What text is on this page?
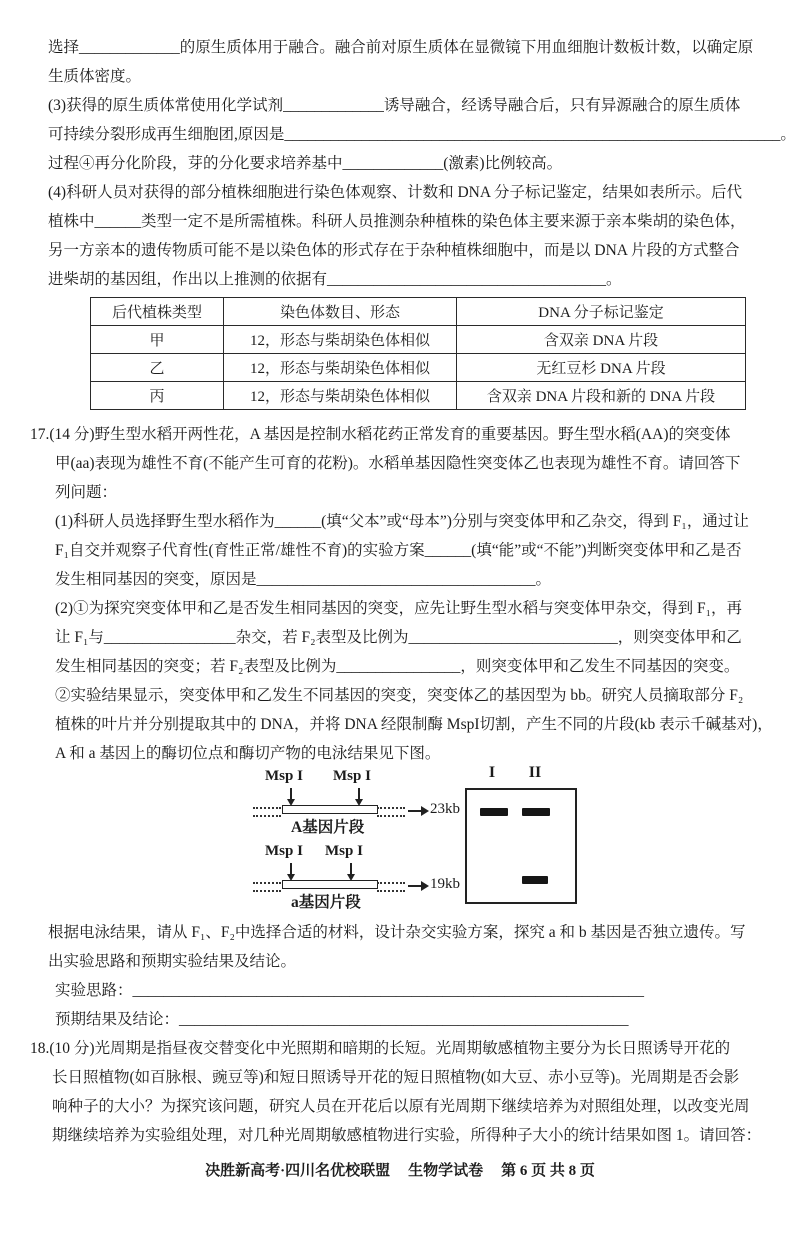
选择_____________的原生质体用于融合。融合前对原生质体在显微镜下用血细胞计数板计数，以确定原
生质体密度。
(3)获得的原生质体常使用化学试剂_____________诱导融合，经诱导融合后，只有异源融合的原生质体
可持续分裂形成再生细胞团,原因是________________________________________________________________。
过程④再分化阶段，芽的分化要求培养基中_____________(激素)比例较高。
(4)科研人员对获得的部分植株细胞进行染色体观察、计数和 DNA 分子标记鉴定，结果如表所示。后代
植株中______类型一定不是所需植株。科研人员推测杂种植株的染色体主要来源于亲本柴胡的染色体，
另一方亲本的遗传物质可能不是以染色体的形式存在于杂种植株细胞中，而是以 DNA 片段的方式整合
进柴胡的基因组，作出以上推测的依据有____________________________________。
后代植株类型	染色体数目、形态	DNA 分子标记鉴定
甲	12，形态与柴胡染色体相似	含双亲 DNA 片段
乙	12，形态与柴胡染色体相似	无红豆杉 DNA 片段
丙	12，形态与柴胡染色体相似	含双亲 DNA 片段和新的 DNA 片段
17.(14 分)野生型水稻开两性花，A 基因是控制水稻花药正常发育的重要基因。野生型水稻(AA)的突变体
甲(aa)表现为雄性不育(不能产生可育的花粉)。水稻单基因隐性突变体乙也表现为雄性不育。请回答下
列问题：
(1)科研人员选择野生型水稻作为______(填“父本”或“母本”)分别与突变体甲和乙杂交，得到 F₁，通过让
F₁自交并观察子代育性(育性正常/雄性不育)的实验方案______(填“能”或“不能”)判断突变体甲和乙是否
发生相同基因的突变，原因是____________________________________。
(2)①为探究突变体甲和乙是否发生相同基因的突变，应先让野生型水稻与突变体甲杂交，得到 F₁，再
让 F₁与_________________杂交，若 F₂表型及比例为___________________________，则突变体甲和乙
发生相同基因的突变；若 F₂表型及比例为________________，则突变体甲和乙发生不同基因的突变。
②实验结果显示，突变体甲和乙发生不同基因的突变，突变体乙的基因型为 bb。研究人员摘取部分 F₂
植株的叶片并分别提取其中的 DNA，并将 DNA 经限制酶 MspI切割，产生不同的片段(kb 表示千碱基对)，
A 和 a 基因上的酶切位点和酶切产物的电泳结果见下图。
Msp I Msp I
23kb
A基因片段
Msp I Msp I
19kb
a基因片段
I	II
根据电泳结果，请从 F₁、F₂中选择合适的材料，设计杂交实验方案，探究 a 和 b 基因是否独立遗传。写
出实验思路和预期实验结果及结论。
实验思路：__________________________________________________________________
预期结果及结论：__________________________________________________________
18.(10 分)光周期是指昼夜交替变化中光照期和暗期的长短。光周期敏感植物主要分为长日照诱导开花的
长日照植物(如百脉根、豌豆等)和短日照诱导开花的短日照植物(如大豆、赤小豆等)。光周期是否会影
响种子的大小？为探究该问题，研究人员在开花后以原有光周期下继续培养为对照组处理，以改变光周
期继续培养为实验组处理，对几种光周期敏感植物进行实验，所得种子大小的统计结果如图 1。请回答：
决胜新高考·四川名优校联盟 生物学试卷 第 6 页 共 8 页
